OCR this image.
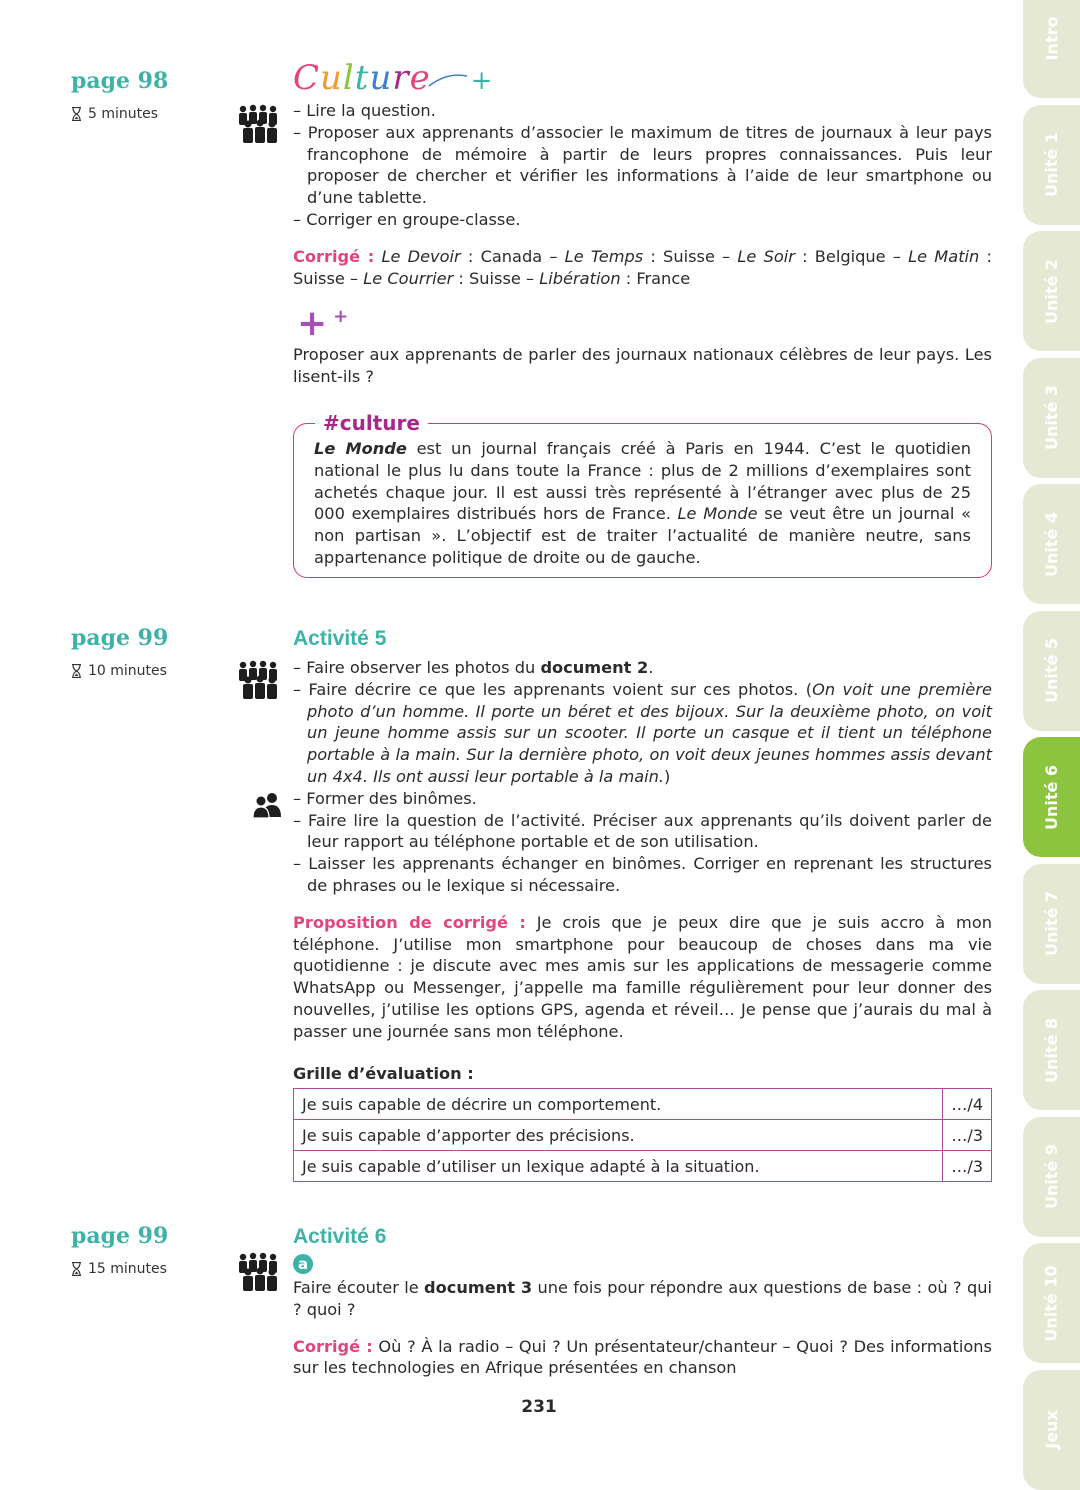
Intro
Unité 1
Unité 2
Unité 3
Unité 4
Unité 5
Unité 6
Unité 7
Unité 8
Unité 9
Unité 10
Jeux
page 98
5 minutes
Culture +

– Lire la question.

– Proposer aux apprenants d’associer le maximum de titres de journaux à leur pays francophone de mémoire à partir de leurs propres connaissances. Puis leur proposer de chercher et vérifier les informations à l’aide de leur smartphone ou d’une tablette.

– Corriger en groupe-classe.

Corrigé : Le Devoir : Canada – Le Temps : Suisse – Le Soir : Belgique – Le Matin : Suisse – Le Courrier : Suisse – Libération : France

+ +

Proposer aux apprenants de parler des journaux nationaux célèbres de leur pays. Les lisent-ils ?

Le Monde est un journal français créé à Paris en 1944. C’est le quotidien national le plus lu dans toute la France : plus de 2 millions d’exemplaires sont achetés chaque jour. Il est aussi très représenté à l’étranger avec plus de 25 000 exemplaires distribués hors de France. Le Monde se veut être un journal « non partisan ». L’objectif est de traiter l’actualité de manière neutre, sans appartenance politique de droite ou de gauche.

#culture
page 99
10 minutes
Activité 5

– Faire observer les photos du document 2.

– Faire décrire ce que les apprenants voient sur ces photos. (On voit une première photo d’un homme. Il porte un béret et des bijoux. Sur la deuxième photo, on voit un jeune homme assis sur un scooter. Il porte un casque et il tient un téléphone portable à la main. Sur la dernière photo, on voit deux jeunes hommes assis devant un 4x4. Ils ont aussi leur portable à la main.)

– Former des binômes.

– Faire lire la question de l’activité. Préciser aux apprenants qu’ils doivent parler de leur rapport au téléphone portable et de son utilisation.

– Laisser les apprenants échanger en binômes. Corriger en reprenant les structures de phrases ou le lexique si nécessaire.

Proposition de corrigé : Je crois que je peux dire que je suis accro à mon téléphone. J’utilise mon smartphone pour beaucoup de choses dans ma vie quotidienne : je discute avec mes amis sur les applications de messagerie comme WhatsApp ou Messenger, j’appelle ma famille régulièrement pour leur donner des nouvelles, j’utilise les options GPS, agenda et réveil… Je pense que j’aurais du mal à passer une journée sans mon téléphone.

Grille d’évaluation :
Je suis capable de décrire un comportement.	…/4
Je suis capable d’apporter des précisions.	…/3
Je suis capable d’utiliser un lexique adapté à la situation.	…/3
page 99
15 minutes
Activité 6
a

Faire écouter le document 3 une fois pour répondre aux questions de base : où ? qui ? quoi ?

Corrigé : Où ? À la radio – Qui ? Un présentateur/chanteur – Quoi ? Des informations sur les technologies en Afrique présentées en chanson

231
